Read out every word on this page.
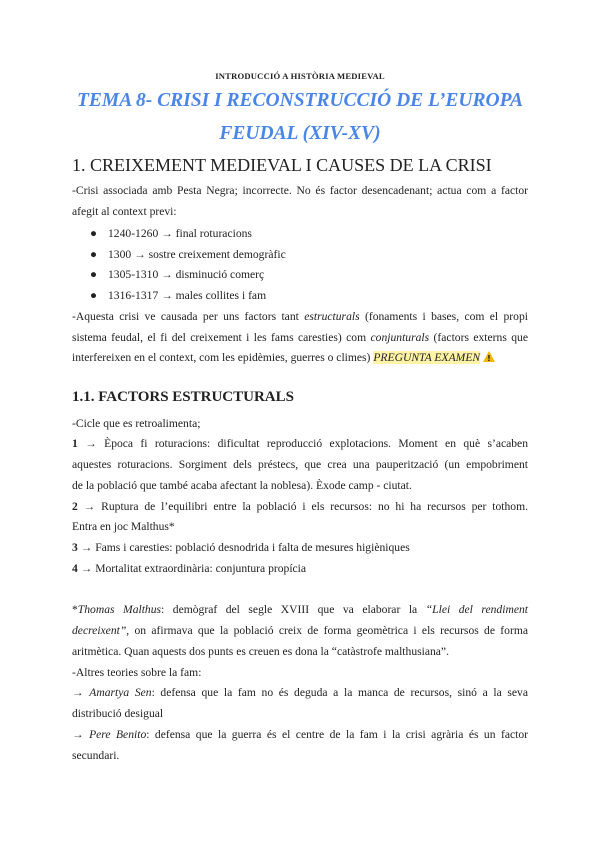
INTRODUCCIÓ A HISTÒRIA MEDIEVAL
TEMA 8- CRISI I RECONSTRUCCIÓ DE L’EUROPA
FEUDAL (XIV-XV)
1. CREIXEMENT MEDIEVAL I CAUSES DE LA CRISI
-Crisi associada amb Pesta Negra; incorrecte. No és factor desencadenant; actua com a factor
afegit al context previ:
● 1240-1260 → final roturacions
● 1300 → sostre creixement demogràfic
● 1305-1310 → disminució comerç
● 1316-1317 → males collites i fam
-Aquesta crisi ve causada per uns factors tant estructurals (fonaments i bases, com el propi
sistema feudal, el fi del creixement i les fams caresties) com conjunturals (factors externs que
interfereixen en el context, com les epidèmies, guerres o climes) PREGUNTA EXAMEN!
1.1. FACTORS ESTRUCTURALS
-Cicle que es retroalimenta;
1 → Època fi roturacions: dificultat reproducció explotacions. Moment en què s’acaben
aquestes roturacions. Sorgiment dels préstecs, que crea una pauperització (un empobriment
de la població que també acaba afectant la noblesa). Èxode camp - ciutat.
2 → Ruptura de l’equilibri entre la població i els recursos: no hi ha recursos per tothom.
Entra en joc Malthus*
3 → Fams i caresties: població desnodrida i falta de mesures higièniques
4 → Mortalitat extraordinària: conjuntura propícia
*Thomas Malthus: demògraf del segle XVIII que va elaborar la “Llei del rendiment
decreixent”, on afirmava que la població creix de forma geomètrica i els recursos de forma
aritmètica. Quan aquests dos punts es creuen es dona la “catàstrofe malthusiana”.
-Altres teories sobre la fam:
→ Amartya Sen: defensa que la fam no és deguda a la manca de recursos, sinó a la seva
distribució desigual
→ Pere Benito: defensa que la guerra és el centre de la fam i la crisi agrària és un factor
secundari.
